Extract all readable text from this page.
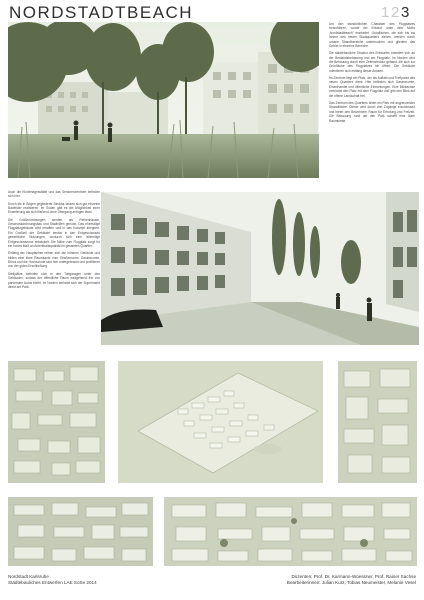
NORDSTADTBEACH	1 2 3

Um den standörtlichen Charakter des Flugplatzes fortzuführen, wurde der Entwurf unter dem Motto „Nordstadtbeach" erarbeitet. Grünflächen, die sich bis ins Innere des neuen Stadtquartiers ziehen, werden durch urbane Strandbereiche unterbrochen und gliedern das Gebiet in einzelne Bereiche.

Die städtebauliche Struktur des Entwurfes orientiert sich an der Bestandsbebauung und am Flugplatz. Im Norden wird die Bebauung durch eine Zeilenstruktur gefasst, die sich zur Grünfläche des Flugplatzes hin öffnet. Die Gebäude orientieren sich entlang dieser Achsen.

Im Zentrum liegt ein Platz, der als Auftakt und Treffpunkt des neuen Quartiers dient. Hier befinden sich Gastronomie, Einzelhandel und öffentliche Einrichtungen. Eine Blickachse verbindet den Platz mit dem Flugplatz und gibt den Blick auf die offene Landschaft frei.

Das Zentrum des Quartiers bildet ein Park mit angrenzender Strandfläche. Dieser wird durch drei Zugänge erschlossen und bietet den Bewohnern Raum für Erholung und Freizeit. Die Bebauung rund um den Park schafft eine klare Raumkante.

Auch die Kindertagesstätte und das Seniorenzentrum befinden sich hier.

Durch die in Bögen gegliederte Struktur lassen sich gut einzelne Baufelder realisieren. Im Süden gibt es die Möglichkeit einer Erweiterung als sich fließend ohne Übergang anfügen lässt.

Die Größenordnungen werden als Reihenhäuser, Geschosswohnungsbau und Stadtvillen genutzt. Das ehemalige Flugplatzgebäude wird erhalten und in das Konzept integriert. Ein Großteil der Gebäude besitzt in den Erdgeschossen gewerbliche Nutzungen, wodurch sich eine lebendige Erdgeschosszone entwickelt. Die Nähe zum Flugplatz sorgt für ein hohes Maß an Aufenthaltsqualität im gesamten Quartier.

Entlang der Hauptachse reihen sich die höheren Gebäude und bilden eine klare Raumkante zum Straßenraum. Gastronomie, Büros und die Hochschule sind hier untergebracht und profitieren von der guten Erschließung.

Stellplätze befinden sich in den Tiefgaragen unter den Gebäuden, sodass der öffentliche Raum weitgehend frei von parkenden Autos bleibt. Im Norden befindet sich der Supermarkt direkt am Park.

Nordstadt Karlsruhe
Städtebauliches Entwerfen LAE SoSe 2014
Dozenten: Prof. Dr. Karmann-Woessner, Prof. Rainer Sachse
Bearbeiterinnen: Julian Kurz, Tobias Neumeister, Melanie Vesel
